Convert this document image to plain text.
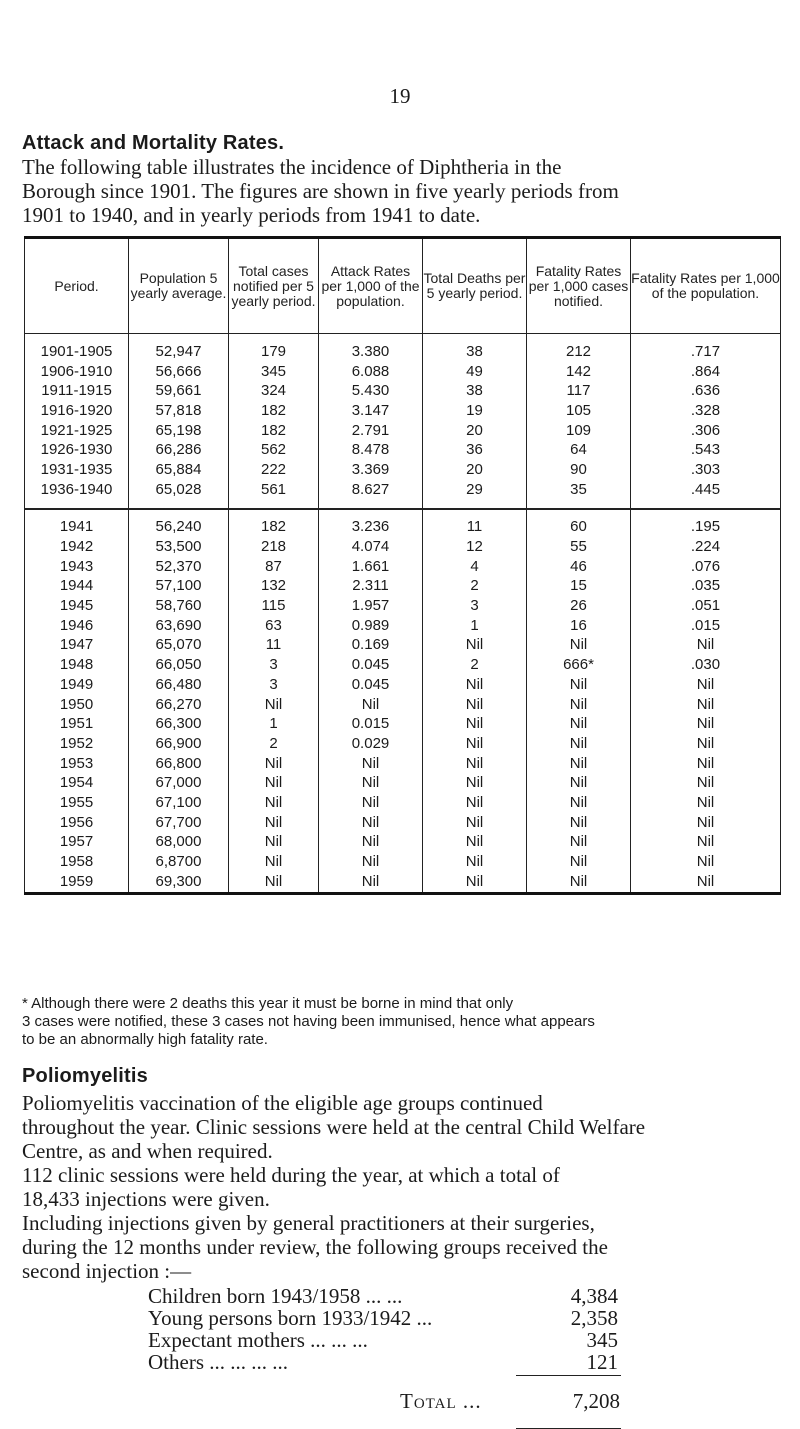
19
Attack and Mortality Rates.
The following table illustrates the incidence of Diphtheria in the
Borough since 1901. The figures are shown in five yearly periods from
1901 to 1940, and in yearly periods from 1941 to date.
Period.	Population 5 yearly average.	Total cases notified per 5 yearly period.	Attack Rates per 1,000 of the population.	Total Deaths per 5 yearly period.	Fatality Rates per 1,000 cases notified.	Fatality Rates per 1,000 of the population.
1901-1905	52,947	179	3.380	38	212	.717
1906-1910	56,666	345	6.088	49	142	.864
1911-1915	59,661	324	5.430	38	117	.636
1916-1920	57,818	182	3.147	19	105	.328
1921-1925	65,198	182	2.791	20	109	.306
1926-1930	66,286	562	8.478	36	64	.543
1931-1935	65,884	222	3.369	20	90	.303
1936-1940	65,028	561	8.627	29	35	.445
1941	56,240	182	3.236	11	60	.195
1942	53,500	218	4.074	12	55	.224
1943	52,370	87	1.661	4	46	.076
1944	57,100	132	2.311	2	15	.035
1945	58,760	115	1.957	3	26	.051
1946	63,690	63	0.989	1	16	.015
1947	65,070	11	0.169	Nil	Nil	Nil
1948	66,050	3	0.045	2	666*	.030
1949	66,480	3	0.045	Nil	Nil	Nil
1950	66,270	Nil	Nil	Nil	Nil	Nil
1951	66,300	1	0.015	Nil	Nil	Nil
1952	66,900	2	0.029	Nil	Nil	Nil
1953	66,800	Nil	Nil	Nil	Nil	Nil
1954	67,000	Nil	Nil	Nil	Nil	Nil
1955	67,100	Nil	Nil	Nil	Nil	Nil
1956	67,700	Nil	Nil	Nil	Nil	Nil
1957	68,000	Nil	Nil	Nil	Nil	Nil
1958	6,8700	Nil	Nil	Nil	Nil	Nil
1959	69,300	Nil	Nil	Nil	Nil	Nil
* Although there were 2 deaths this year it must be borne in mind that only
3 cases were notified, these 3 cases not having been immunised, hence what appears
to be an abnormally high fatality rate.
Poliomyelitis
Poliomyelitis vaccination of the eligible age groups continued
throughout the year. Clinic sessions were held at the central Child Welfare
Centre, as and when required.
112 clinic sessions were held during the year, at which a total of
18,433 injections were given.
Including injections given by general practitioners at their surgeries,
during the 12 months under review, the following groups received the
second injection :—
Children born 1943/1958 ... ...	4,384
Young persons born 1933/1942 ...	2,358
Expectant mothers ... ... ...	345
Others ... ... ... ...	121
Total ...	7,208
